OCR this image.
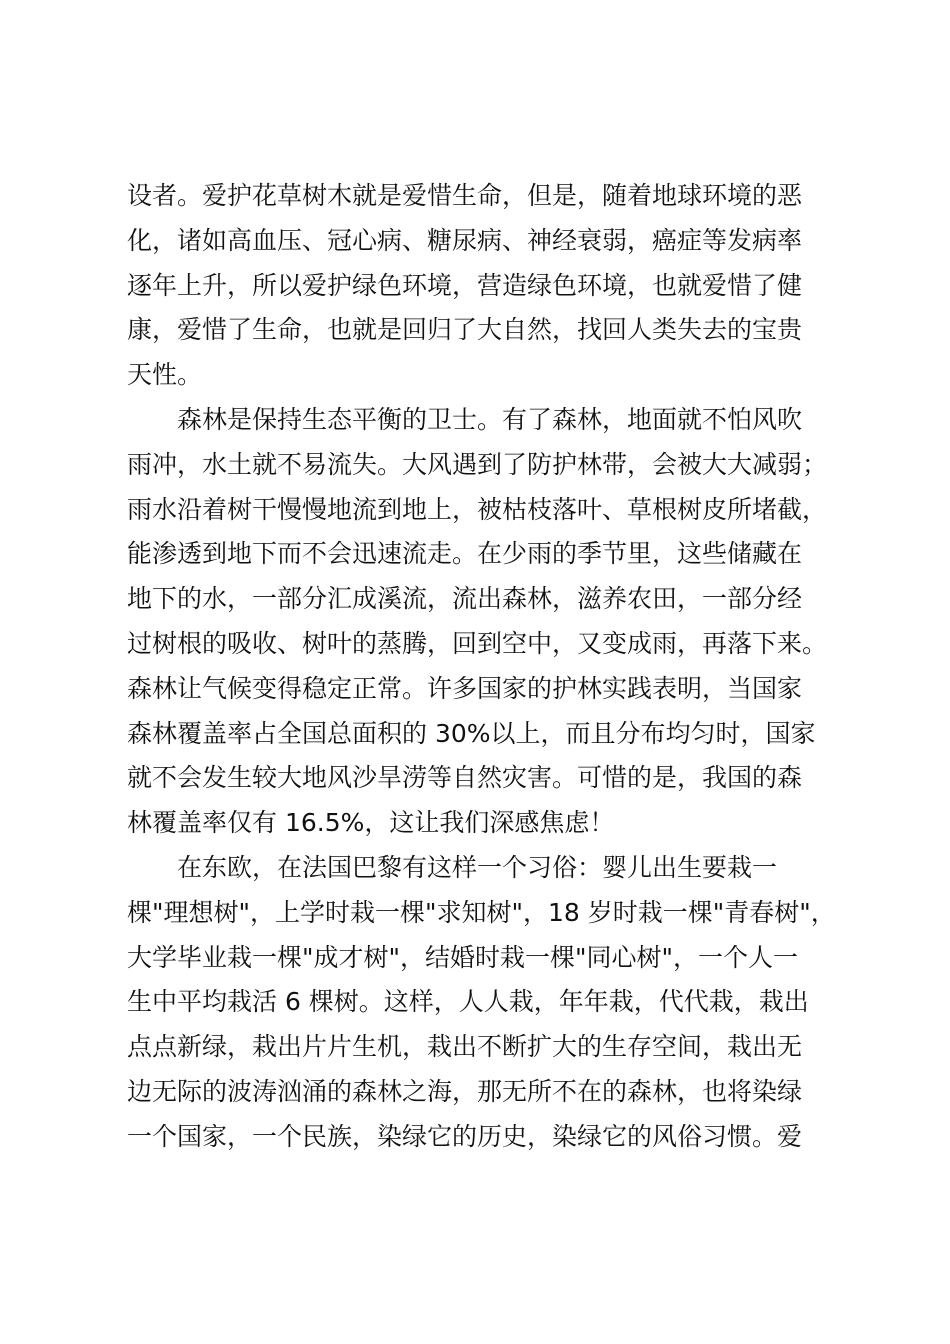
设者。爱护花草树木就是爱惜生命，但是，随着地球环境的恶
化，诸如高血压、冠心病、糖尿病、神经衰弱，癌症等发病率
逐年上升，所以爱护绿色环境，营造绿色环境，也就爱惜了健
康，爱惜了生命，也就是回归了大自然，找回人类失去的宝贵
天性。
　　森林是保持生态平衡的卫士。有了森林，地面就不怕风吹
雨冲，水土就不易流失。大风遇到了防护林带，会被大大减弱；
雨水沿着树干慢慢地流到地上，被枯枝落叶、草根树皮所堵截，
能渗透到地下而不会迅速流走。在少雨的季节里，这些储藏在
地下的水，一部分汇成溪流，流出森林，滋养农田，一部分经
过树根的吸收、树叶的蒸腾，回到空中，又变成雨，再落下来。
森林让气候变得稳定正常。许多国家的护林实践表明，当国家
森林覆盖率占全国总面积的 30%以上，而且分布均匀时，国家
就不会发生较大地风沙旱涝等自然灾害。可惜的是，我国的森
林覆盖率仅有 16.5%，这让我们深感焦虑！
　　在东欧，在法国巴黎有这样一个习俗：婴儿出生要栽一
棵"理想树"，上学时栽一棵"求知树"，18 岁时栽一棵"青春树"，
大学毕业栽一棵"成才树"，结婚时栽一棵"同心树"，一个人一
生中平均栽活 6 棵树。这样，人人栽，年年栽，代代栽，栽出
点点新绿，栽出片片生机，栽出不断扩大的生存空间，栽出无
边无际的波涛汹涌的森林之海，那无所不在的森林，也将染绿
一个国家，一个民族，染绿它的历史，染绿它的风俗习惯。爱
